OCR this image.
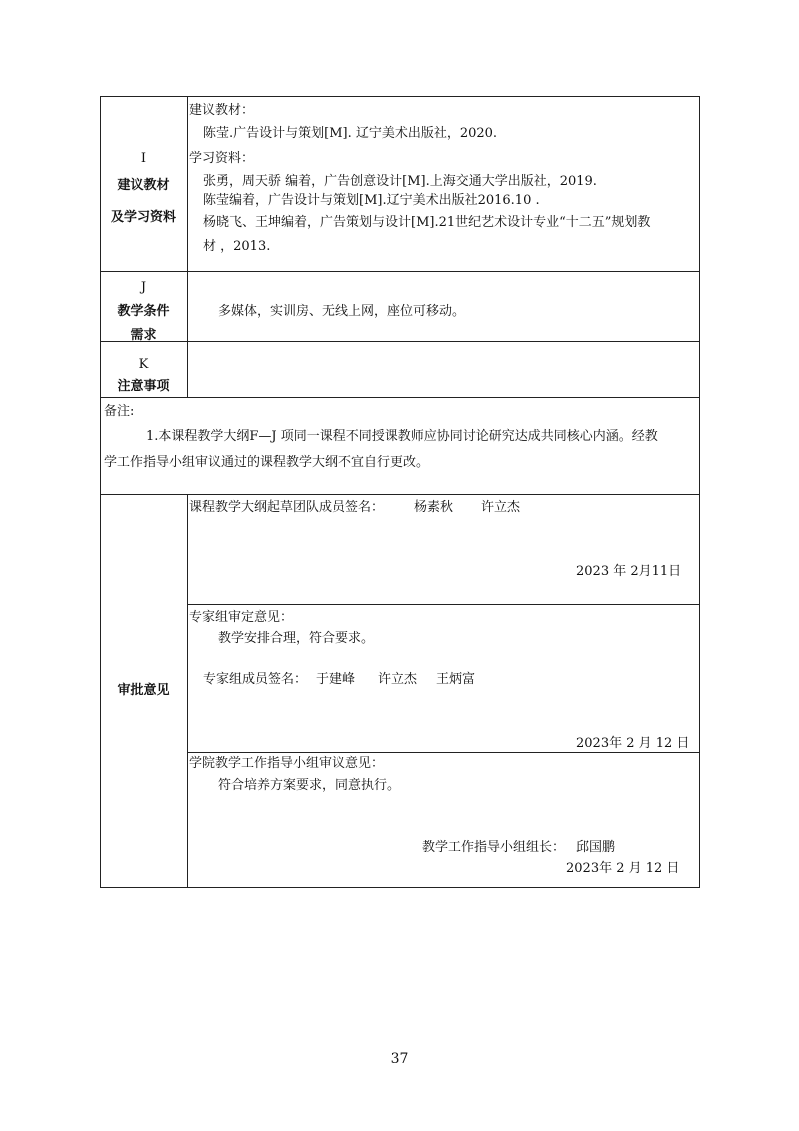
I
建议教材
及学习资料
建议教材：
陈莹.广告设计与策划[M]. 辽宁美术出版社，2020.
学习资料：
张勇，周天骄 编着，广告创意设计[M].上海交通大学出版社，2019.
陈莹编着，广告设计与策划[M].辽宁美术出版社2016.10 .
杨晓飞、王坤编着，广告策划与设计[M].21世纪艺术设计专业“十二五”规划教
材 ，2013.
J
教学条件
需求
多媒体，实训房、无线上网，座位可移动。
K
注意事项
备注:
1.本课程教学大纲F—J 项同一课程不同授课教师应协同讨论研究达成共同核心内涵。经教
学工作指导小组审议通过的课程教学大纲不宜自行更改。
审批意见
课程教学大纲起草团队成员签名： 杨素秋 许立杰
2023 年 2月11日
专家组审定意见：
教学安排合理，符合要求。
专家组成员签名： 于建峰 许立杰 王炳富
2023年 2 月 12 日
学院教学工作指导小组审议意见：
符合培养方案要求，同意执行。
教学工作指导小组组长： 邱国鹏
2023年 2 月 12 日
37
